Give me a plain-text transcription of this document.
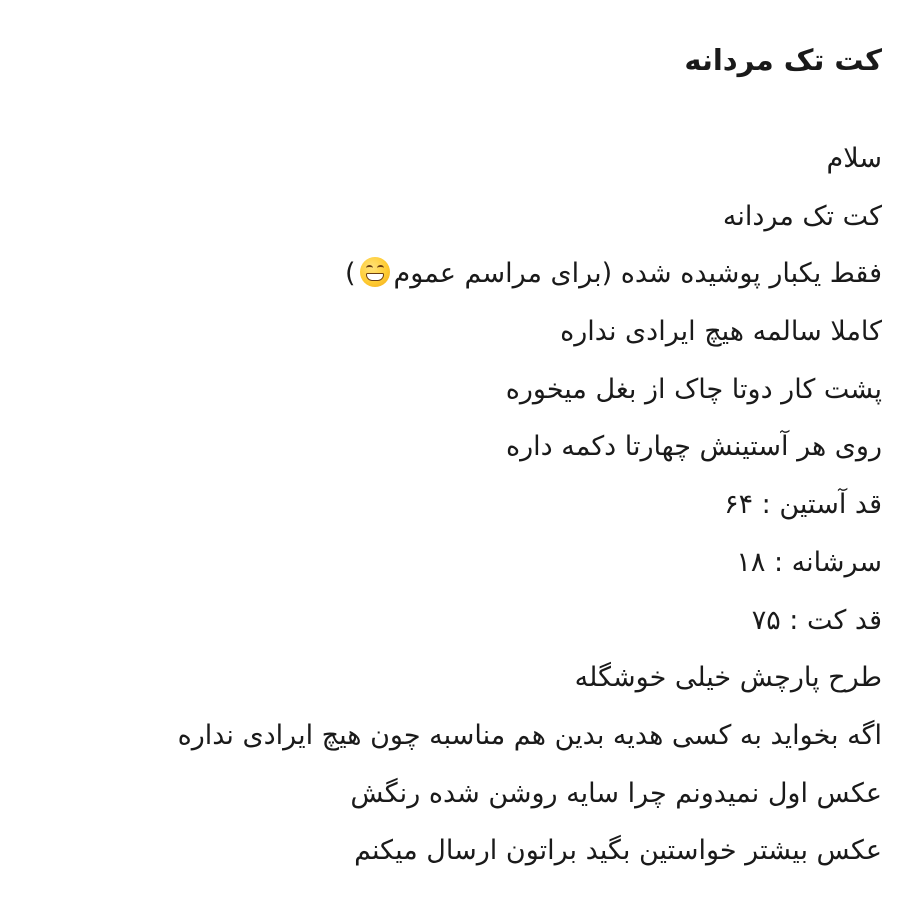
کت تک مردانه
سلام
کت تک مردانه
فقط یکبار پوشیده شده (برای مراسم عموم
)
کاملا سالمه هیچ ایرادی نداره
پشت کار دوتا چاک از بغل میخوره
روی هر آستینش چهارتا دکمه داره
قد آستین : ۶۴
سرشانه : ۱۸
قد کت : ۷۵
طرح پارچش خیلی خوشگله
اگه بخواید به کسی هدیه بدین هم مناسبه چون هیچ ایرادی نداره
عکس اول نمیدونم چرا سایه روشن شده رنگش
عکس بیشتر خواستین بگید براتون ارسال میکنم
